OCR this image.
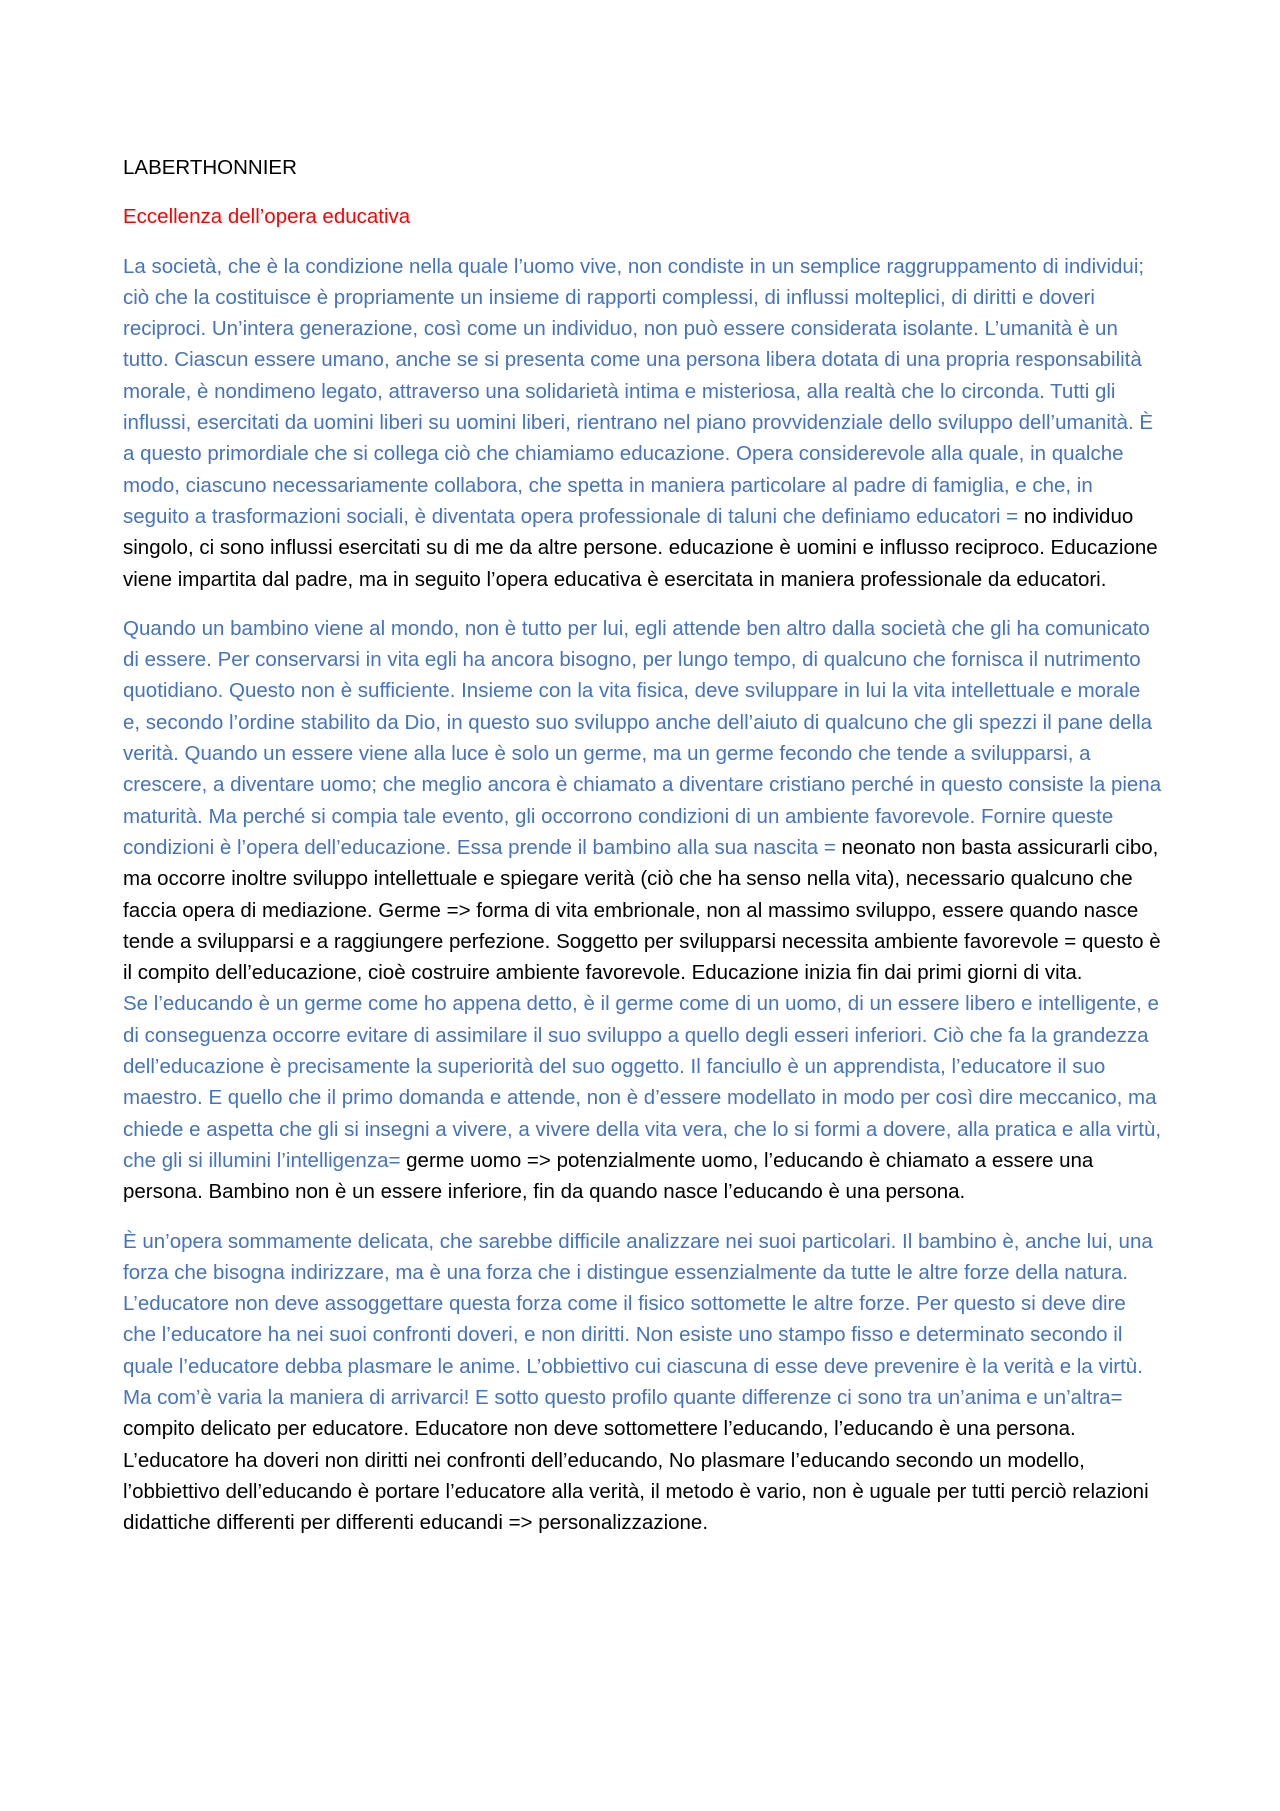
LABERTHONNIER
Eccellenza dell’opera educativa

La società, che è la condizione nella quale l’uomo vive, non condiste in un semplice raggruppamento di individui; ciò che la costituisce è propriamente un insieme di rapporti complessi, di influssi molteplici, di diritti e doveri reciproci. Un’intera generazione, così come un individuo, non può essere considerata isolante. L’umanità è un tutto. Ciascun essere umano, anche se si presenta come una persona libera dotata di una propria responsabilità morale, è nondimeno legato, attraverso una solidarietà intima e misteriosa, alla realtà che lo circonda. Tutti gli influssi, esercitati da uomini liberi su uomini liberi, rientrano nel piano provvidenziale dello sviluppo dell’umanità. È a questo primordiale che si collega ciò che chiamiamo educazione. Opera considerevole alla quale, in qualche modo, ciascuno necessariamente collabora, che spetta in maniera particolare al padre di famiglia, e che, in seguito a trasformazioni sociali, è diventata opera professionale di taluni che definiamo educatori = no individuo singolo, ci sono influssi esercitati su di me da altre persone. educazione è uomini e influsso reciproco. Educazione viene impartita dal padre, ma in seguito l’opera educativa è esercitata in maniera professionale da educatori.

Quando un bambino viene al mondo, non è tutto per lui, egli attende ben altro dalla società che gli ha comunicato di essere. Per conservarsi in vita egli ha ancora bisogno, per lungo tempo, di qualcuno che fornisca il nutrimento quotidiano. Questo non è sufficiente. Insieme con la vita fisica, deve sviluppare in lui la vita intellettuale e morale e, secondo l’ordine stabilito da Dio, in questo suo sviluppo anche dell’aiuto di qualcuno che gli spezzi il pane della verità. Quando un essere viene alla luce è solo un germe, ma un germe fecondo che tende a svilupparsi, a crescere, a diventare uomo; che meglio ancora è chiamato a diventare cristiano perché in questo consiste la piena maturità. Ma perché si compia tale evento, gli occorrono condizioni di un ambiente favorevole. Fornire queste condizioni è l’opera dell’educazione. Essa prende il bambino alla sua nascita = neonato non basta assicurarli cibo, ma occorre inoltre sviluppo intellettuale e spiegare verità (ciò che ha senso nella vita), necessario qualcuno che faccia opera di mediazione. Germe => forma di vita embrionale, non al massimo sviluppo, essere quando nasce tende a svilupparsi e a raggiungere perfezione. Soggetto per svilupparsi necessita ambiente favorevole = questo è il compito dell’educazione, cioè costruire ambiente favorevole. Educazione inizia fin dai primi giorni di vita.

Se l’educando è un germe come ho appena detto, è il germe come di un uomo, di un essere libero e intelligente, e di conseguenza occorre evitare di assimilare il suo sviluppo a quello degli esseri inferiori. Ciò che fa la grandezza dell’educazione è precisamente la superiorità del suo oggetto. Il fanciullo è un apprendista, l’educatore il suo maestro. E quello che il primo domanda e attende, non è d’essere modellato in modo per così dire meccanico, ma chiede e aspetta che gli si insegni a vivere, a vivere della vita vera, che lo si formi a dovere, alla pratica e alla virtù, che gli si illumini l’intelligenza= germe uomo => potenzialmente uomo, l’educando è chiamato a essere una persona. Bambino non è un essere inferiore, fin da quando nasce l’educando è una persona.

È un’opera sommamente delicata, che sarebbe difficile analizzare nei suoi particolari. Il bambino è, anche lui, una forza che bisogna indirizzare, ma è una forza che i distingue essenzialmente da tutte le altre forze della natura. L’educatore non deve assoggettare questa forza come il fisico sottomette le altre forze. Per questo si deve dire che l’educatore ha nei suoi confronti doveri, e non diritti. Non esiste uno stampo fisso e determinato secondo il quale l’educatore debba plasmare le anime. L’obbiettivo cui ciascuna di esse deve prevenire è la verità e la virtù. Ma com’è varia la maniera di arrivarci! E sotto questo profilo quante differenze ci sono tra un’anima e un’altra= compito delicato per educatore. Educatore non deve sottomettere l’educando, l’educando è una persona. L’educatore ha doveri non diritti nei confronti dell’educando, No plasmare l’educando secondo un modello, l’obbiettivo dell’educando è portare l’educatore alla verità, il metodo è vario, non è uguale per tutti perciò relazioni didattiche differenti per differenti educandi => personalizzazione.
